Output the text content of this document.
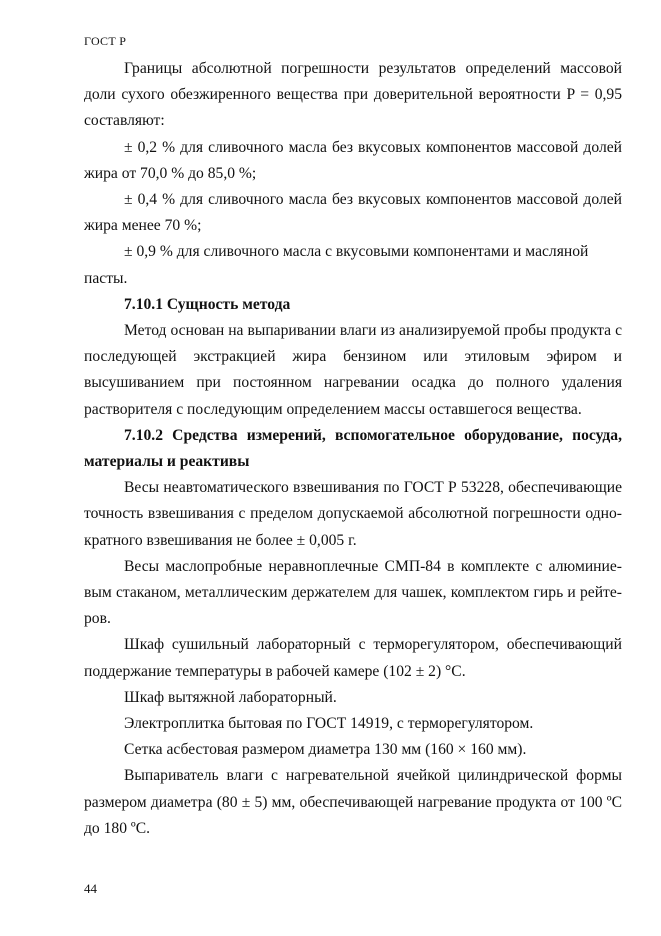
ГОСТ Р

Границы абсолютной погрешности результатов определений массовой доли сухого обезжиренного вещества при доверительной вероятности P = 0,95 составляют:

± 0,2 % для сливочного масла без вкусовых компонентов массовой долей жира от 70,0 % до 85,0 %;

± 0,4 % для сливочного масла без вкусовых компонентов массовой долей жира менее 70 %;

± 0,9 % для сливочного масла с вкусовыми компонентами и масляной пасты.

7.10.1 Сущность метода

Метод основан на выпаривании влаги из анализируемой пробы продукта с последующей экстракцией жира бензином или этиловым эфиром и высушиванием при постоянном нагревании осадка до полного удаления растворителя с последующим определением массы оставшегося вещества.

7.10.2 Средства измерений, вспомогательное оборудование, посуда, материалы и реактивы

Весы неавтоматического взвешивания по ГОСТ Р 53228, обеспечивающие точность взвешивания с пределом допускаемой абсолютной погрешности однократного взвешивания не более ± 0,005 г.

Весы маслопробные неравноплечные СМП-84 в комплекте с алюминиевым стаканом, металлическим держателем для чашек, комплектом гирь и рейтеров.

Шкаф сушильный лабораторный с терморегулятором, обеспечивающий поддержание температуры в рабочей камере (102 ± 2) °С.

Шкаф вытяжной лабораторный.

Электроплитка бытовая по ГОСТ 14919, с терморегулятором.

Сетка асбестовая размером диаметра 130 мм (160 × 160 мм).

Выпариватель влаги с нагревательной ячейкой цилиндрической формы размером диаметра (80 ± 5) мм, обеспечивающей нагревание продукта от 100 ºС до 180 ºС.

44
